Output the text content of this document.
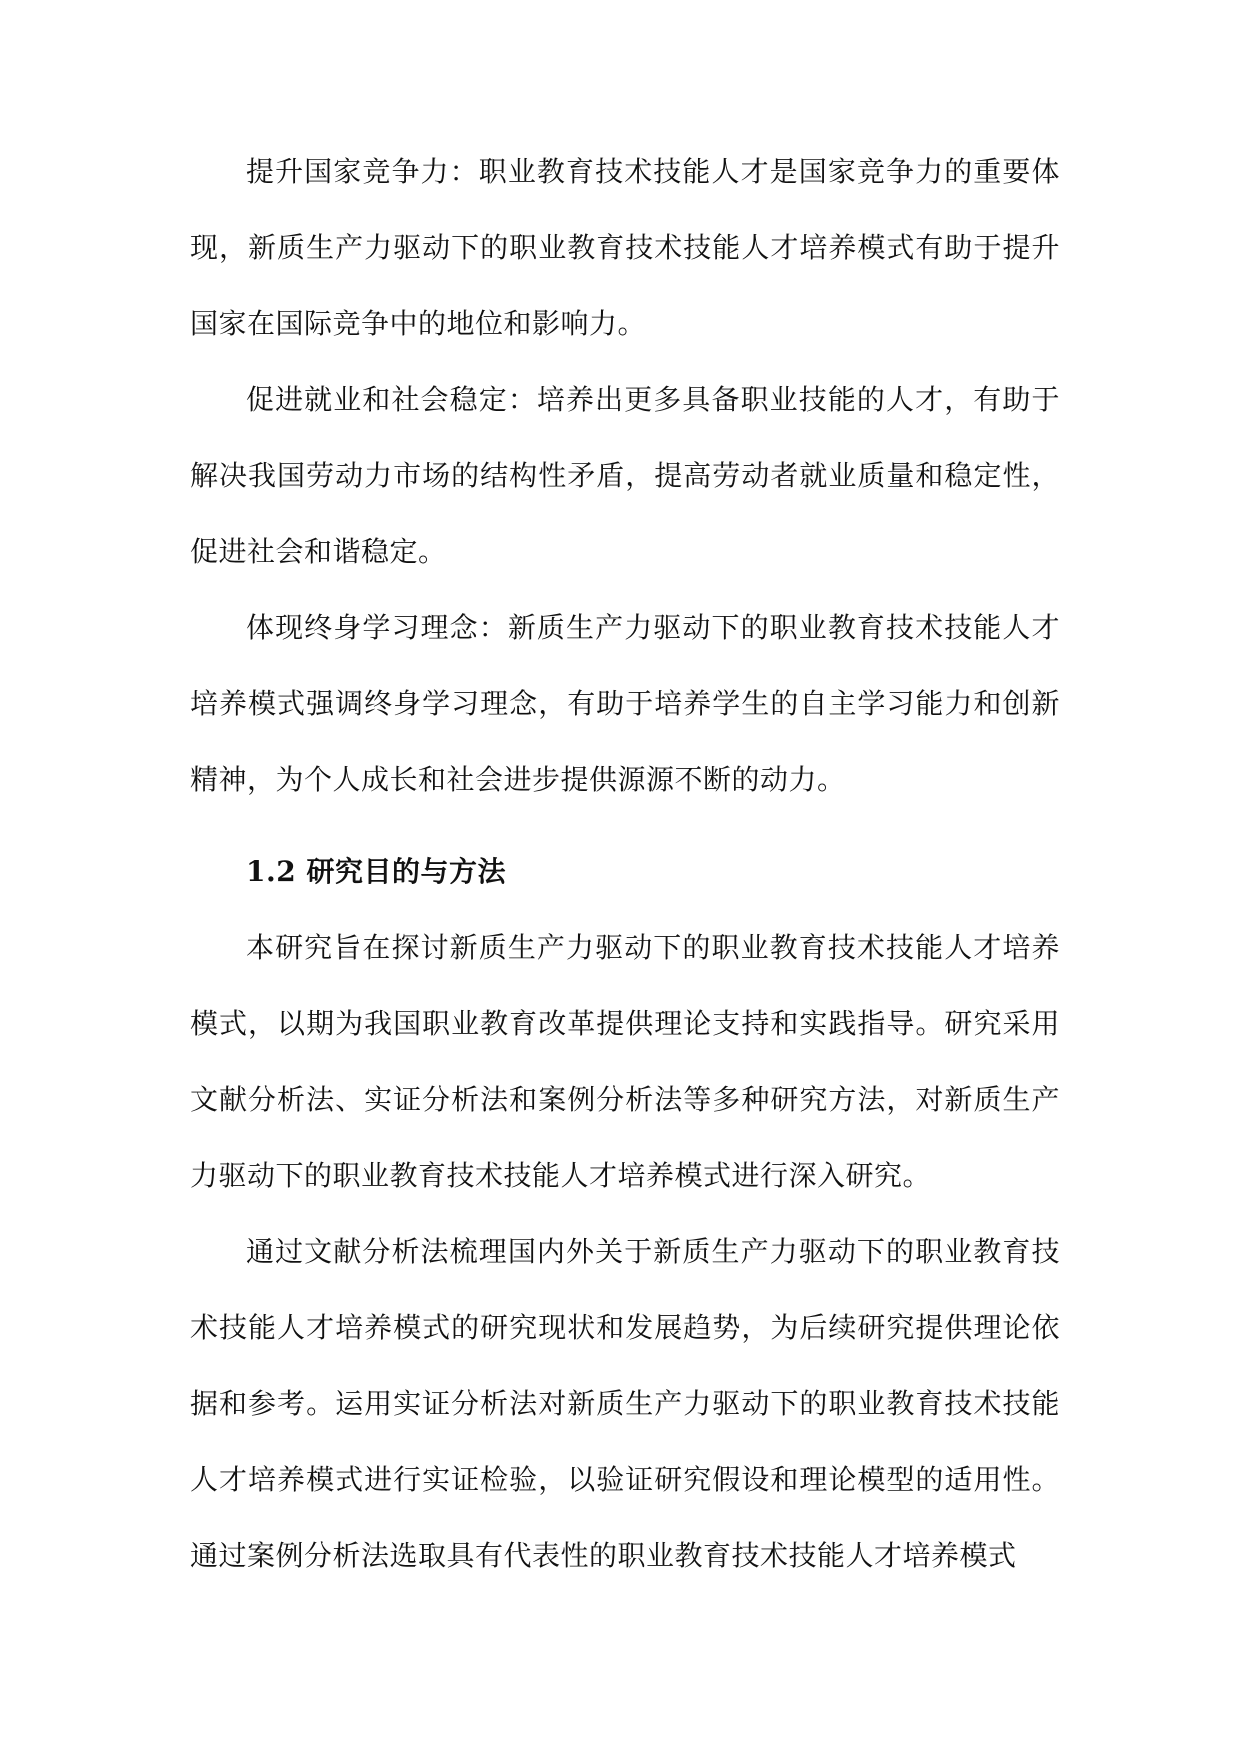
提升国家竞争力：职业教育技术技能人才是国家竞争力的重要体现，新质生产力驱动下的职业教育技术技能人才培养模式有助于提升国家在国际竞争中的地位和影响力。

促进就业和社会稳定：培养出更多具备职业技能的人才，有助于解决我国劳动力市场的结构性矛盾，提高劳动者就业质量和稳定性，促进社会和谐稳定。

体现终身学习理念：新质生产力驱动下的职业教育技术技能人才培养模式强调终身学习理念，有助于培养学生的自主学习能力和创新精神，为个人成长和社会进步提供源源不断的动力。

1.2 研究目的与方法

本研究旨在探讨新质生产力驱动下的职业教育技术技能人才培养模式，以期为我国职业教育改革提供理论支持和实践指导。研究采用文献分析法、实证分析法和案例分析法等多种研究方法，对新质生产力驱动下的职业教育技术技能人才培养模式进行深入研究。

通过文献分析法梳理国内外关于新质生产力驱动下的职业教育技术技能人才培养模式的研究现状和发展趋势，为后续研究提供理论依据和参考。运用实证分析法对新质生产力驱动下的职业教育技术技能人才培养模式进行实证检验，以验证研究假设和理论模型的适用性。通过案例分析法选取具有代表性的职业教育技术技能人才培养模式
